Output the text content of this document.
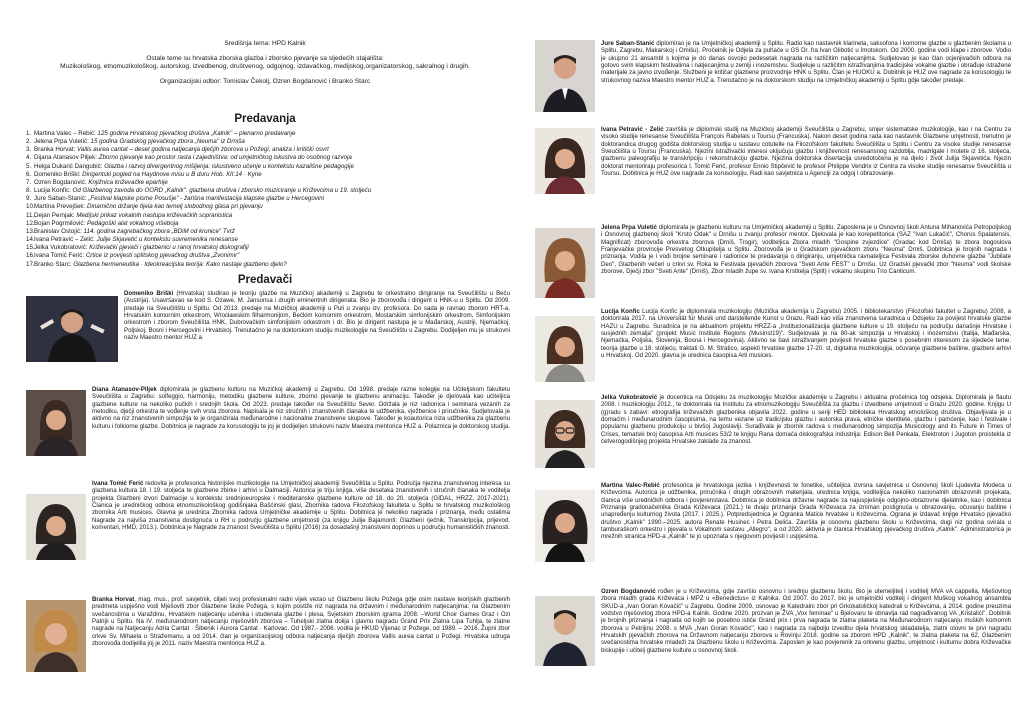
Središnja tema: HPD Kalnik

Ostale teme su hrvatska zborska glazba i zborsko pjevanje sa sljedećih stajališta:
Muzikološkog, etnomuzikološkog, autorskog, izvedbenog, društvenog, odgojnog, izdavačkog, medijskog,organizatorskog, sakralnog i drugih.

Organizacijski odbor: Tomislav Čekolj, Ozren Bogdanović i Branko Starc

Predavanja
1. Martina Valec – Rebić: 125 godina Hrvatskog pjevačkog društva „Kalnik" – plenarno predavanje
2. Jelena Prpa Vuletić: 15 godina Gradskog pjevačkog zbora „Neuma" iz Drniša
3. Branka Horvat: Vallis aurea cantat – deset godina natjecanja dječjih zborova u Požegi, analiza i kritički osvrt
4. Dijana Atanasov Piljek: Zborno pjevanje kao prostor rasta i zajedništva: od umjetničkog iskustva do osobnog razvoja
5. Helga Dukarić Dangubić: Glazba i razvoj divergentnog mišljenja: iskustveno učenje u kontekstu kazališne pedagogije
6. Domeniko Briški: Dirigentski pogled na Haydnove misu u B duru Hob. XII:14 · Kyrie
7. Ozren Bogdanović: Knjižnica križevačke eparhije
8. Lucija Konfic: Od Glazbenog zavoda do OORD „Kalnik": glazbena društva i zborsko muziciranje u Križevcima u 19. stoljeću
9. Jure Šaban-Stanić: „Festival klapske pisme Posušje" - žarišna manifestacija klapske glazbe u Hercegovini
10.Martina Prevejšek: Dinamično držanje tijela kao temelj slobodnog glasa pri pjevanju
11.Dejan Pernjak: Medijski prikaz vokalnih nastupa križevačkih sopranistica
12.Bojan Pogrmilović: Pedagoški alat vokalnog višeboja
13.Branislav Ostojić: 114. godina zagrebačkog zbora „BDiM od krunice" Tvrž
14.Ivana Petravić – Zelić: Julije Skjavetić u kontekstu suvremenika renesanse
15.Jelka Vukobratović: Križevački pjevači i glazbenici u ranoj hrvatskoj diskografiji
16.Ivana Tomić Ferić: Crtice iz povijesti splitskog pjevačkog društva „Zvonimir"
17.Branko Starc: Glazbena hermeneutika · Ideokreacijska teorija: Kako nastaje glazbeno djelo?
Predavači
Domeniko Briški (Hrvatska) studirao je teoriju glazbe na Muzičkoj akademiji u Zagrebu te orkestralno dirigiranje na Sveučilištu u Beču (Austrija). Usavršavao se kod S. Ozawe, M. Jansonsa i drugih eminentnih dirigenata. Bio je zborovođa i dirigent u HNK-u u Splitu. Od 2009. predaje na Sveučilištu u Splitu. Od 2013. predaje na Muzičkoj akademiji u Puli u zvanju izv. profesora. Do sada je ravnao zborom HRT-a, Hrvatskim komornim orkestrom, Wrocławskim filharmonijom, Bečkim komornim orkestrom, Mostarskim simfonijskim orkestrom, Simfonijskim orkestrom i zborom Sveučilišta HNK, Dubrovačkim simfonijskim orkestrom i dr. Bio je dirigent nastupa je u Mađarskoj, Austriji, Njemačkoj, Poljskoj, Bosni i Hercegovini i Hrvatskoj. Trenutačno je na doktorskom studiju muzikologije na Sveučilištu u Zagrebu. Dodijeljen mu je strukovni naziv Maestro mentor HUZ a.
Diana Atanasov-Piljek diplomirala je glazbenu kulturu na Muzičkoj akademiji u Zagrebu. Od 1998. predaje razne kolegije na Učiteljskom fakultetu Sveučilišta u Zagrebu: solfeggio, harmoniju, metodiku glazbene kulture, zborno pjevanje te glazbenu animaciju. Također je djelovala kao učiteljica glazbene kulture na nekoliko pučkih i srednjih škola. Od 2023. predaje također na Sveučilištu Sever. Održala je niz radionica i seminara vezanih za metodiku, dječji orkestra te vođenje svih vrsta zborova. Napisala je niz stručnih i znanstvenih članaka te udžbenika, vježbenice i priručnike. Sudjelovala je aktivno na niz znanstvenih simpozija te je organizirala međunarodne i nacionalne znanstvene skupove. Također je koautorica niza udžbenika za glazbenu kulturu i folklorne glazbe. Dobitnica je nagrade za korusologiju te joj je dodijeljen strukovni naziv Maestra mentorica HUZ a. Polaznica je doktorskog studija.
Ivana Tomić Ferić redovita je profesorica historijske muzikologije na Umjetničkoj akademiji Sveučilišta u Splitu. Područja njezina znanstvenog interesa su glazbena kultura 18. i 19. stoljeća te glazbene zbirke i arhivi u Dalmaciji. Autorica je triju knjiga, više desetaka znanstvenih i stručnih članaka te voditelja projekta Glazbeni izvori Dalmacije u kontekstu srednjoeuropske i mediteranske glazbene kulture od 18. do 20. stoljeća (GIDAL, HRZZ, 2017-2021). Članica je uredničkog odbora etnomuzikološkog godišnjaka Bašćinski glasi, Zbornika radova Filozofskog fakulteta u Splitu te hrvatskog muzikološkog zbornika Arti musices. Glavna je urednica Zbornika radova Umjetničke akademije u Splitu. Dobitnica je nekoliko nagrada i priznanja, među ostalima Nagrade za najviša znanstvena dostignuća u RH u području glazbene umjetnosti (za knjigu Julije Bajamonti: Glazbeni rječnik. Transkripcija, prijevod, komentari, HMD, 2013.). Dobitnica je Nagrade za znanost Sveučilišta u Splitu (2016) za dosadašnji znanstveni doprinos u području humanističkih znanosti.
Branka Horvat, mag. mus., prof. savjetnik, ciljeli svoj profesionalni radni vijek vezao uz Glazbenu školu Požega gdje osim nastave teorijskih glazbenih predmeta uspješno vodi Mješoviti zbor Glazbene škole Požega, s kojim postiže niz nagrada na državnim i međunarodnim natjecanjima: na Glazbenim svečanostima u Varaždinu, Hrvatskim natjecanju učenika i studenata glazbe i plesa, Svjetskim zborskim igrama 2008. –World Choir Games Graz i Ozi Patrijii u Splitu. Na IV. međunarodnom natjecanju mješovitih zborova – Tuheljski zlatna dolija i glavnu nagradu Grand Prix Zlatna Lipa Tuhlja, te zlatne nagrade na Natjecanju Adria Cantat · Šibenik i Aurora Cantat · Karlovac. Od 1987.- 2006. vodila je HKUD Vijenac iz Požege, od 1989. – 2016. Župni zbor crkve Sv. Mihaela u Stražemanu, a od 2014. član je organizacijskog odbora natjecanja dječjih zborova Vallis aurea cantat u Požegi. Hrvatska udruga zborovođa dodijelila joj je 2011. naziv Maestra mentorica HUZ a.
Jure Šaban-Stanić diplomirao je na Umjetničkoj akademiji u Splitu. Radio kao nastavnik klarineta, saksofona i komorne glazbe u glazbenim školama u Splitu, Zagrebu, Makarskoj i Omišu). Pročelnik je Odjela za puhače u GS Dr. fra Ivan Glibotić u Imotskom. Od 2000. godine vodi klape i zborove. Vodio je ukupno 21 ansambl s kojima je do danas osvojio pedesetak nagrada na različitim natjecanjima. Sudjelovao je kao član ocjenjivačkih odbora na gotovo svim klapskim festivalima i natjecanjima u zemlji i inozemstvu. Sudjeluje u različitim istraživanjima tradicijske vokalne glazbe i obrađuje istražene materijale za javno izvođenje. Službeni je kritičar glazbene proizvodnje HNK u Splitu. Član je HUOKU a. Dobitnik je HUZ ove nagrade za korusologiju te strukovnog naziva Maestro mentor HUZ a. Trenutačno je na doktorskom studiju na Umjetničkoj akademiji u Splitu gdje također predaje.
Ivana Petravić - Zelić završila je diplomski studij na Muzičkoj akademiji Sveučilišta u Zagrebu, smjer sistematske muzikologije, kao i na Centru za visoko studije renesanse Sveučilišta François Rabelais u Toursu (Francuska). Nakon deset godina rada kao nastavnik Glazbene umjetnosti, trenutno je doktorandica drugog godišta doktorskog studija u sustavu cotutelle na Filozofskom fakultetu Sveučilišta u Splitu i Centru za visoke studije renesanse Sveučilišta u Toursu (Francuska). Njezini istraživački interesi uključuju glazbu i književnost renesansnog razdoblja, madrigale i motete iz 16. stoljeća, glazbenu paleografiju te transkripciju i rekonstrukciju glazbe. Njezina doktorska disertacija usredotočena je na djelo i život Julija Skjavetića. Njezin doktorat mentoriraju profesorica I. Tomić Ferić, profesor Ennio Stipčević te profesor Philippe Vendrix iz Centra za visoke studije renesanse Sveučilišta u Toursu. Dobitnica je HUZ ove nagrade za korusologiju. Radi kao savjetnica u Agenciji za odgoj i obrazovanje.
Jelena Prpa Vuletić diplomirala je glazbenu kulturu na Umjetničkoj akademiji u Splitu. Zaposlena je u Osnovnoj školi Antuna Mihanovića Petropoljskog i Osnovnoj glazbenoj školi "Krsto Odak" u Drnišu u zvanju profesor mentor. Djelovala je kao korepetitorica (SAZ "Ivan Lukačić", Chorus Spalatensis, Magnificat) zborovođa orkestra zborova (Drniš, Trogir), voditeljica Zbora mladih "Gospine zvjezdice" (Gradac kod Drniša) te zbora bogoslova Franjevačke provincije Presvetog Otkupitelja u Splitu. Zborovođa je u Gradskom pjevačkom zboru "Neuma" Drniš. Dobitnica je brojnih nagrada i priznanja. Vodila je i vodi brojne seminare i radionice te predavanja o dirigiranju, umjetnička ravnateljica Festivala zborske duhovne glazbe "Jubilate Deo", Glazbenih večeri u crkvi sv. Roka te Festivala pjevačkih zborova "Sveti Ante FEST" u Drnišu. Uz Gradski pjevački zbor "Neuma" vodi školske zborove, Dječji zbor "Sveti Ante" (Drniš), Zbor mladih župe sv. Ivana Krstitelja (Split) i vokalnu skupinu Trio Canticum.
Lucija Konfic Lucija Konfic je diplomirala muzikologiju (Muzička akademija u Zagrebu) 2005. i bibliotekarstvo (Filozofski fakultet u Zagrebu) 2008, a doktorirala 2017. na Universität für Musik und darstellende Kunst u Grazu. Radi kao viša znanstvena suradnica u Odsjeku za povijest hrvatske glazbe HAZU u Zagrebu. Suradnica je na aktualnom projektu HRZZ-a „Institucionalizacija glazbene kulture u 19. stoljeću na području današnje Hrvatske i susjednih zemalja" (projekt Music Institute Regions (Musinst19)". Sudjelovala je na 80-ak simpozija u Hrvatskoj i inozemstvu (Italija, Mađarska, Njemačka, Poljska, Slovenija, Bosna i Hercegovina). Aktivno se bavi istraživanjem povijesti hrvatske glazbe s posebnim interesom za sljedeće teme: teorija glazbe u 18. stoljeću, traktati G. M. Stratico, aspekti hrvatske glazbe 17-20. st, digitalna muzikologija, očuvanje glazbene baštine, glazbeni arhivi u Hrvatskoj. Od 2020. glavna je urednica časopisa Arti musices.
Jelka Vukobratović je docentica na Odsjeku za muzikologiju Muzičke akademije u Zagrebu i aktualna pročelnica tog odsjeka. Diplomirala je flautu 2008. i muzikologiju 2012., te doktorirala na Institutu za etnomuzikologiju Sveučilišta za glazbu i izvedbene umjetnosti u Grazu 2020. godine. Knjigu U (g)radu s zabavi: etnografija križevačkih glazbenika objavila 2022. godine u seriji HED biblioteka Hrvatskog etnološkog društva. Objavljivala je u domaćim i međunarodnim časopisima, na temu vezane uz tradicijsku glazbu i autorska prava, etničke identitete, glazbu i pamćenje, kao i festivale i popularnu glazbenu produkciju u bivšoj Jugoslaviji. Surađivala je zbornik radova s međunarodnog simpozija Musicology and its Future in Times of Crises, tematski broj časopisa Arti musices 53/2 te knjigu Rana domaća diskografska industrija: Edison Bell Penkala, Elektroton i Jugoton proistekla iz četverogodišnjeg projekta Hrvatske zaklade za znanost.
Martina Valec-Rebić profesorica je hrvatskoga jezika i književnosti te fonetike, učiteljica izvrsna savjetnica u Osnovnoj školi Ljudevita Modeca u Križevcima. Autorica je udžbenika, priručnika i drugih obrazovnih materijala, urednica knjiga, voditeljica nekoliko nacionalnih obrazovnih projekata, članica više uredničkih odbora i povjerenstava. Dobitnica je dobitnica državne nagrade za najuspješnije odgojno-obrazovne djelatnike, kao i dobitnica Priznanja gradonačelnika Grada Križevaca (2021.) te dvaju priznanja Grada Križevaca za izniman postignuća u obrazovanju, očuvanju baštine i unapređenju kulturnog života (2017. i 2025.). Potpredsjednica je Ogranka Matice hrvatske u Križevcima. Ograna je izdavač knjige Hrvatsko pjevačko društvo „Kalnik" 1990.–2025. autora Renate Husinec i Petra Delića. Završila je osnovnu glazbenu školu u Križevcima, dugi niz godina svirala u tamburaškom orkestru i pjevala u Vokalnom sastavu „Allegro", a od 2020. aktivna je članica Hrvatskog pjevačkog društva „Kalnik". Administratorica je mrežnih stranica HPD-a „Kalnik" te jo upoznata s njegovom povijesti i uspjesima.
Ozren Bogdanović rođen je u Križevcima, gdje završio osnovnu i srednju glazbenu školu. Bio je utemeljitelj i voditelj MVA vA cappella, Mješovitog zbora mladih grada Križevaca i MPZ u «Benedictus» iz Kalnika. Od 2007. do 2017. bio je umjetnički voditelj i dirigent Muškog vokalnog ansambla SKUD-a „Ivan Goran Kovačić" u Zagrebu. Godine 2009. osnovao je Katedralni zbor pri Grkokatoličkoj katedrali u Križevcima, a 2014. godine preuzima vodstvo mješovitog zbora HPD-a Kalnik. Godine 2020. prozvan je ŽVA „Vox feminae" u Bjelovaru te obnavlja rad nagrađivanog VA „Kristalići". Dobitnik je brojnih priznanja i nagrada od kojih se posebno ističe Grand prix i prva nagrada te zlatna plaketa na Međunarodnom natjecanju muških komornih zborova u Petrijinu 2008. s MVA „Ivan Goran Kovačić", kao i nagrada za najbolju izvedbu djela hrvatskog skladatelja, zlatni olovni te prvi nagradu Hrvatskih pjevačkih zborova na Državnom natjecanju zborova u Rovinju 2018. godine sa zborom HPD „Kalnik", te zlatna plaketa na 62. Glazbenim svečanostima hrvatske mladeži za Glazbenu školu u Križevcima. Zaposlen je kao povjerenik za orkvenu glazbu, umjetnost i kulturnu dobra Križevačke biskupije i učitelj glazbene kulture u osnovnoj školi.
